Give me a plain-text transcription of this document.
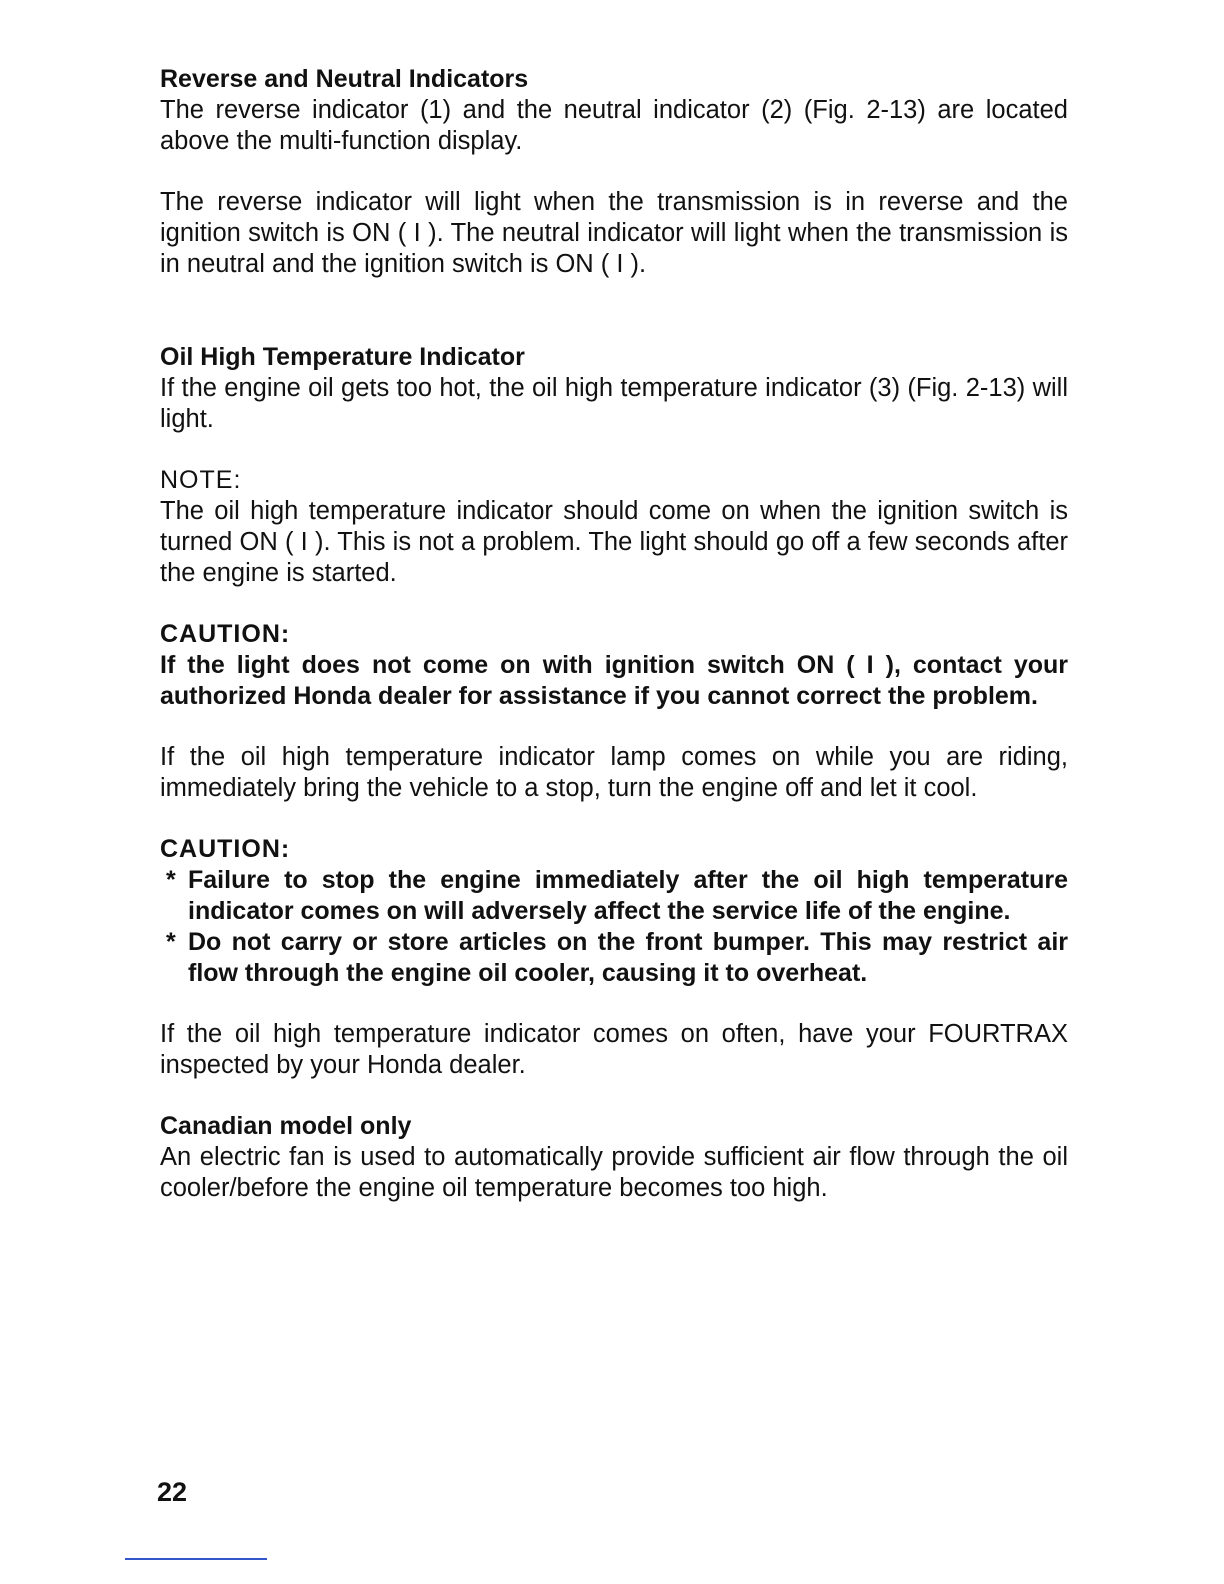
Reverse and Neutral Indicators

The reverse indicator (1) and the neutral indicator (2) (Fig. 2-13) are located above the multi-function display.

The reverse indicator will light when the transmission is in reverse and the ignition switch is ON ( I ). The neutral indicator will light when the transmission is in neutral and the ignition switch is ON ( I ).

Oil High Temperature Indicator

If the engine oil gets too hot, the oil high temperature indicator (3) (Fig. 2-13) will light.

NOTE:

The oil high temperature indicator should come on when the ignition switch is turned ON ( I ). This is not a problem. The light should go off a few seconds after the engine is started.

CAUTION:

If the light does not come on with ignition switch ON ( I ), contact your authorized Honda dealer for assistance if you cannot correct the problem.

If the oil high temperature indicator lamp comes on while you are riding, immediately bring the vehicle to a stop, turn the engine off and let it cool.

CAUTION:

* Failure to stop the engine immediately after the oil high temperature indicator comes on will adversely affect the service life of the engine.
* Do not carry or store articles on the front bumper. This may restrict air flow through the engine oil cooler, causing it to overheat.

If the oil high temperature indicator comes on often, have your FOURTRAX inspected by your Honda dealer.

Canadian model only

An electric fan is used to automatically provide sufficient air flow through the oil cooler/before the engine oil temperature becomes too high.

22
